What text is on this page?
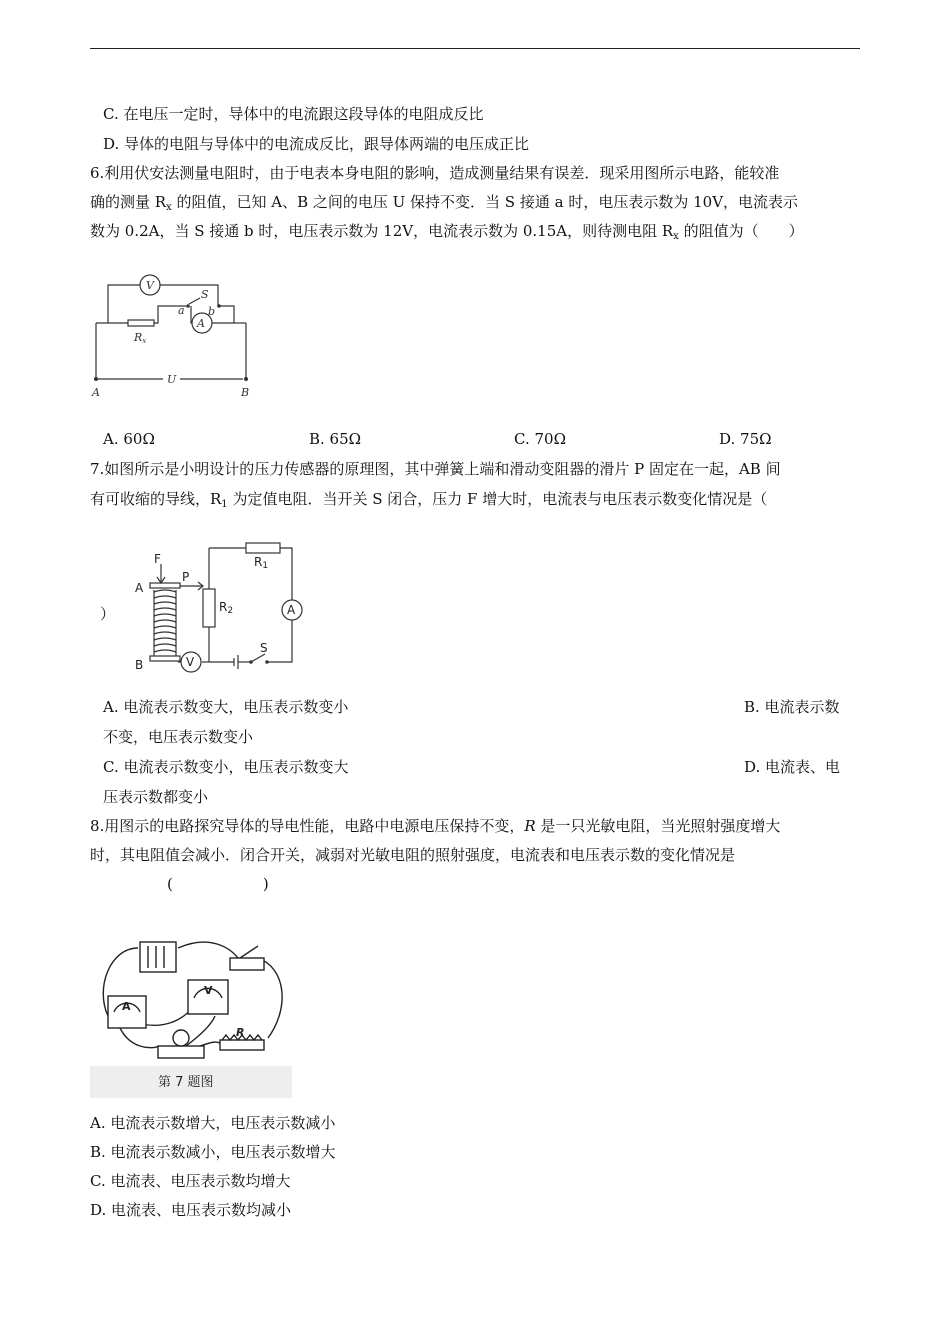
C. 在电压一定时，导体中的电流跟这段导体的电阻成反比
D. 导体的电阻与导体中的电流成反比，跟导体两端的电压成正比
6.利用伏安法测量电阻时，由于电表本身电阻的影响，造成测量结果有误差．现采用图所示电路，能较准
确的测量 $R_x$ 的阻值，已知 A、B 之间的电压 U 保持不变．当 S 接通 a 时，电压表示数为 10V，电流表示
数为 0.2A，当 S 接通 b 时，电压表示数为 12V，电流表示数为 0.15A，则待测电阻 $R_x$ 的阻值为（　　）
V
A
S
a b
Rx
U
A	B
A. 60Ω	B. 65Ω	C. 70Ω	D. 75Ω
7.如图所示是小明设计的压力传感器的原理图，其中弹簧上端和滑动变阻器的滑片 P 固定在一起，AB 间
有可收缩的导线，$R_1$ 为定值电阻．当开关 S 闭合，压力 F 增大时，电流表与电压表示数变化情况是（
）
F
P
A
B
R1
R2	A
V
S
A. 电流表示数变大，电压表示数变小	B. 电流表示数
不变，电压表示数变小
C. 电流表示数变小，电压表示数变大	D. 电流表、电
压表示数都变小
8.用图示的电路探究导体的导电性能，电路中电源电压保持不变，R 是一只光敏电阻，当光照射强度增大
时，其电阻值会减小．闭合开关，减弱对光敏电阻的照射强度，电流表和电压表示数的变化情况是
(　　　　　　)
A
V
R
第 7 题图
A. 电流表示数增大，电压表示数减小
B. 电流表示数减小，电压表示数增大
C. 电流表、电压表示数均增大
D. 电流表、电压表示数均减小
